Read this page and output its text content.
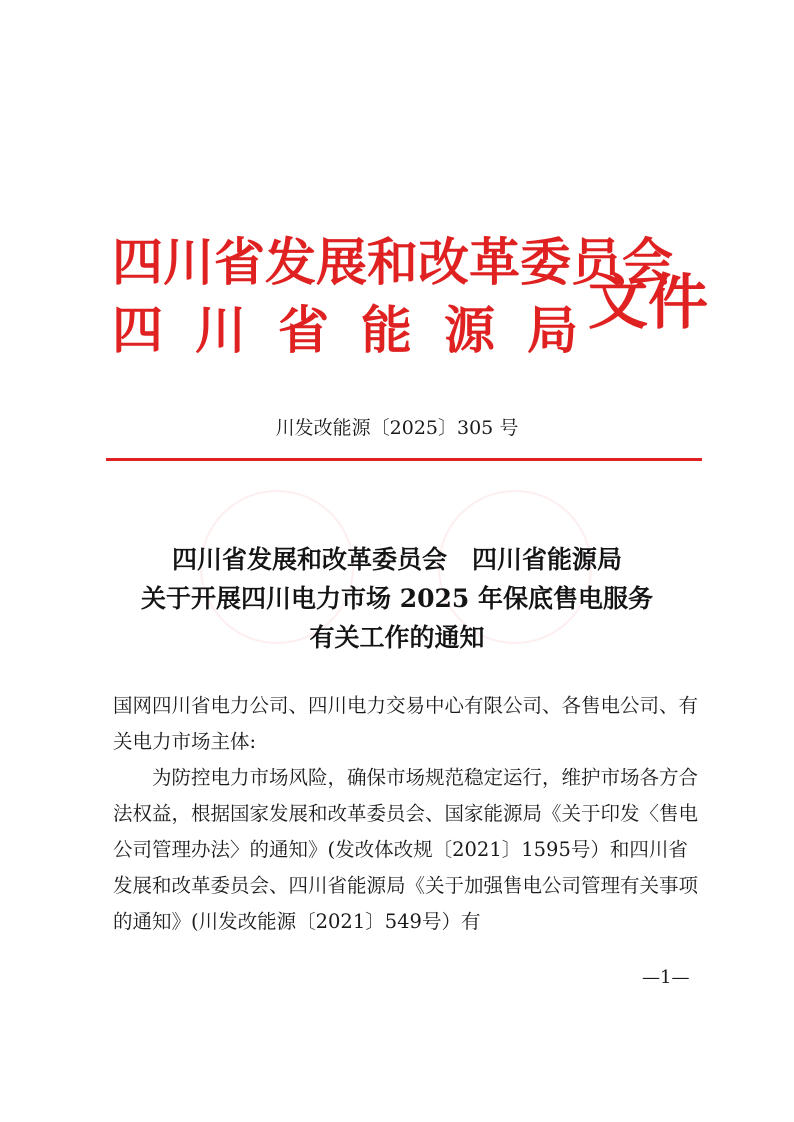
四川省发展和改革委员会
四川省能源局
文件
川发改能源〔2025〕305 号
四川省发展和改革委员会　四川省能源局
关于开展四川电力市场 2025 年保底售电服务
有关工作的通知

国网四川省电力公司、四川电力交易中心有限公司、各售电公司、有关电力市场主体:

为防控电力市场风险，确保市场规范稳定运行，维护市场各方合法权益，根据国家发展和改革委员会、国家能源局《关于印发〈售电公司管理办法〉的通知》(发改体改规〔2021〕1595号）和四川省发展和改革委员会、四川省能源局《关于加强售电公司管理有关事项的通知》(川发改能源〔2021〕549号）有

—1—
